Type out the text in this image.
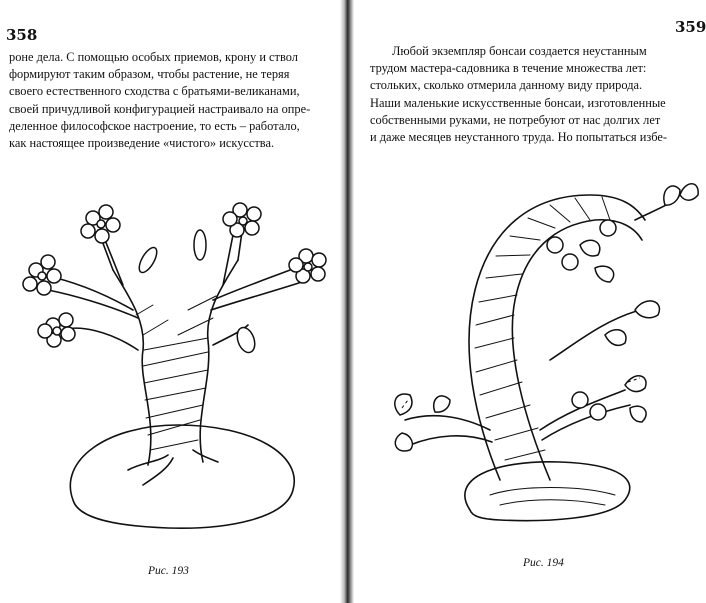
358
роне дела. С помощью особых приемов, крону и ствол
формируют таким образом, чтобы растение, не теряя
своего естественного сходства с братьями-великанами,
своей причудливой конфигурацией настраивало на опре-
деленное философское настроение, то есть – работало,
как настоящее произведение «чистого» искусства.
Рис. 193
359
Любой экземпляр бонсаи создается неустанным
трудом мастера-садовника в течение множества лет:
стольких, сколько отмерила данному виду природа.
Наши маленькие искусственные бонсаи, изготовленные
собственными руками, не потребуют от нас долгих лет
и даже месяцев неустанного труда. Но попытаться избе-
Рис. 194
